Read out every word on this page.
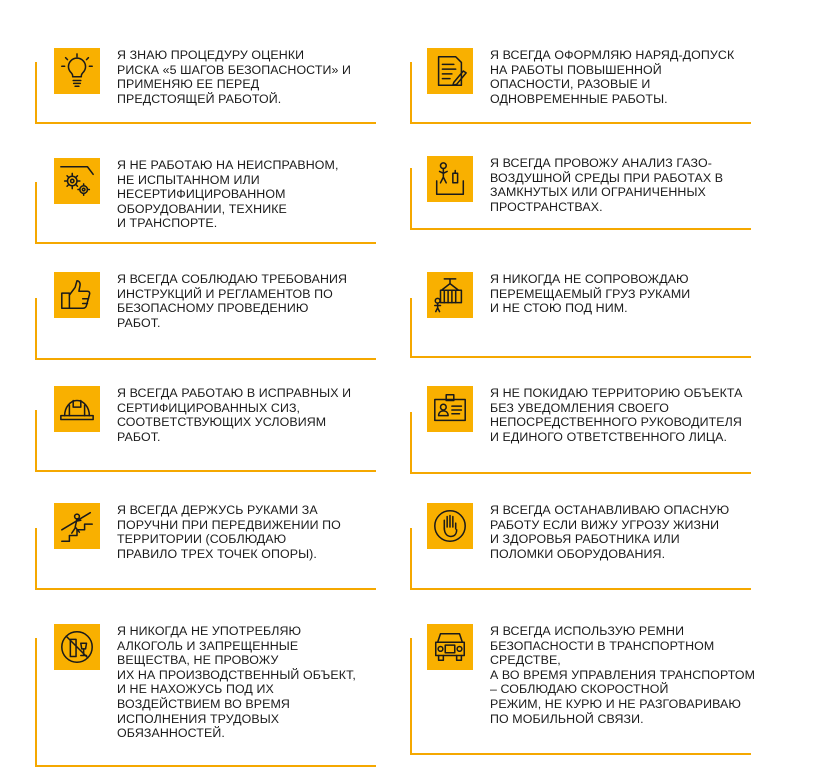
Я ЗНАЮ ПРОЦЕДУРУ ОЦЕНКИ
РИСКА «5 ШАГОВ БЕЗОПАСНОСТИ» И
ПРИМЕНЯЮ ЕЕ ПЕРЕД
ПРЕДСТОЯЩЕЙ РАБОТОЙ.

Я ВСЕГДА ОФОРМЛЯЮ НАРЯД-ДОПУСК
НА РАБОТЫ ПОВЫШЕННОЙ
ОПАСНОСТИ, РАЗОВЫЕ И
ОДНОВРЕМЕННЫЕ РАБОТЫ.

Я НЕ РАБОТАЮ НА НЕИСПРАВНОМ,
НЕ ИСПЫТАННОМ ИЛИ
НЕСЕРТИФИЦИРОВАННОМ
ОБОРУДОВАНИИ, ТЕХНИКЕ
И ТРАНСПОРТЕ.

Я ВСЕГДА ПРОВОЖУ АНАЛИЗ ГАЗО-
ВОЗДУШНОЙ СРЕДЫ ПРИ РАБОТАХ В
ЗАМКНУТЫХ ИЛИ ОГРАНИЧЕННЫХ
ПРОСТРАНСТВАХ.

Я ВСЕГДА СОБЛЮДАЮ ТРЕБОВАНИЯ
ИНСТРУКЦИЙ И РЕГЛАМЕНТОВ ПО
БЕЗОПАСНОМУ ПРОВЕДЕНИЮ
РАБОТ.

Я НИКОГДА НЕ СОПРОВОЖДАЮ
ПЕРЕМЕЩАЕМЫЙ ГРУЗ РУКАМИ
И НЕ СТОЮ ПОД НИМ.

Я ВСЕГДА РАБОТАЮ В ИСПРАВНЫХ И
СЕРТИФИЦИРОВАННЫХ СИЗ,
СООТВЕТСТВУЮЩИХ УСЛОВИЯМ
РАБОТ.

Я НЕ ПОКИДАЮ ТЕРРИТОРИЮ ОБЪЕКТА
БЕЗ УВЕДОМЛЕНИЯ СВОЕГО
НЕПОСРЕДСТВЕННОГО РУКОВОДИТЕЛЯ
И ЕДИНОГО ОТВЕТСТВЕННОГО ЛИЦА.

Я ВСЕГДА ДЕРЖУСЬ РУКАМИ ЗА
ПОРУЧНИ ПРИ ПЕРЕДВИЖЕНИИ ПО
ТЕРРИТОРИИ (СОБЛЮДАЮ
ПРАВИЛО ТРЕХ ТОЧЕК ОПОРЫ).

Я ВСЕГДА ОСТАНАВЛИВАЮ ОПАСНУЮ
РАБОТУ ЕСЛИ ВИЖУ УГРОЗУ ЖИЗНИ
И ЗДОРОВЬЯ РАБОТНИКА ИЛИ
ПОЛОМКИ ОБОРУДОВАНИЯ.

Я НИКОГДА НЕ УПОТРЕБЛЯЮ
АЛКОГОЛЬ И ЗАПРЕЩЕННЫЕ
ВЕЩЕСТВА, НЕ ПРОВОЖУ
ИХ НА ПРОИЗВОДСТВЕННЫЙ ОБЪЕКТ,
И НЕ НАХОЖУСЬ ПОД ИХ
ВОЗДЕЙСТВИЕМ ВО ВРЕМЯ
ИСПОЛНЕНИЯ ТРУДОВЫХ
ОБЯЗАННОСТЕЙ.

Я ВСЕГДА ИСПОЛЬЗУЮ РЕМНИ
БЕЗОПАСНОСТИ В ТРАНСПОРТНОМ
СРЕДСТВЕ,
А ВО ВРЕМЯ УПРАВЛЕНИЯ ТРАНСПОРТОМ
– СОБЛЮДАЮ СКОРОСТНОЙ
РЕЖИМ, НЕ КУРЮ И НЕ РАЗГОВАРИВАЮ
ПО МОБИЛЬНОЙ СВЯЗИ.
